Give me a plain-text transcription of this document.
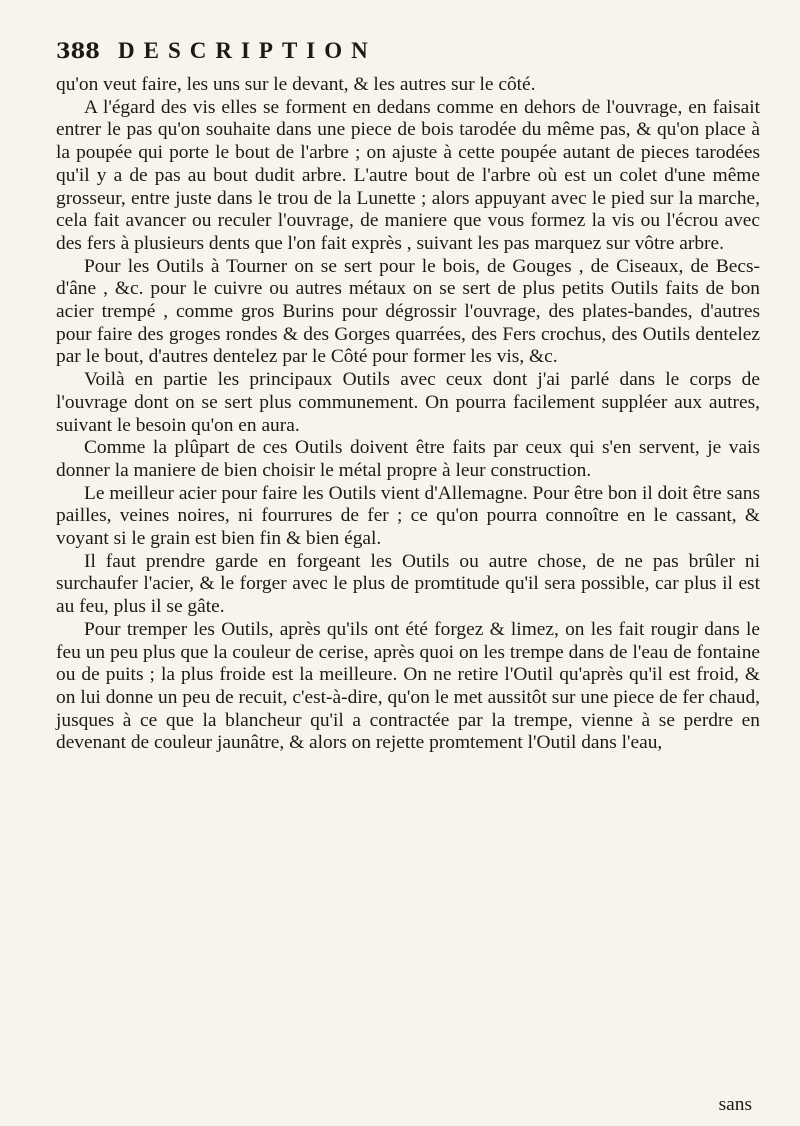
388 DESCRIPTION

qu'on veut faire, les uns sur le devant, & les autres sur le côté.

A l'égard des vis elles se forment en dedans comme en dehors de l'ouvrage, en faisait entrer le pas qu'on souhaite dans une piece de bois tarodée du même pas, & qu'on place à la poupée qui porte le bout de l'arbre ; on ajuste à cette poupée autant de pieces tarodées qu'il y a de pas au bout dudit arbre. L'autre bout de l'arbre où est un colet d'une même grosseur, entre juste dans le trou de la Lunette ; alors appuyant avec le pied sur la marche, cela fait avancer ou reculer l'ouvrage, de maniere que vous formez la vis ou l'écrou avec des fers à plusieurs dents que l'on fait exprès , suivant les pas marquez sur vôtre arbre.

Pour les Outils à Tourner on se sert pour le bois, de Gouges , de Ciseaux, de Becs-d'âne , &c. pour le cuivre ou autres métaux on se sert de plus petits Outils faits de bon acier trempé , comme gros Burins pour dégrossir l'ouvrage, des plates-bandes, d'autres pour faire des groges rondes & des Gorges quarrées, des Fers crochus, des Outils dentelez par le bout, d'autres dentelez par le Côté pour former les vis, &c.

Voilà en partie les principaux Outils avec ceux dont j'ai parlé dans le corps de l'ouvrage dont on se sert plus communement. On pourra facilement suppléer aux autres, suivant le besoin qu'on en aura.

Comme la plûpart de ces Outils doivent être faits par ceux qui s'en servent, je vais donner la maniere de bien choisir le métal propre à leur construction.

Le meilleur acier pour faire les Outils vient d'Allemagne. Pour être bon il doit être sans pailles, veines noires, ni fourrures de fer ; ce qu'on pourra connoître en le cassant, & voyant si le grain est bien fin & bien égal.

Il faut prendre garde en forgeant les Outils ou autre chose, de ne pas brûler ni surchaufer l'acier, & le forger avec le plus de promtitude qu'il sera possible, car plus il est au feu, plus il se gâte.

Pour tremper les Outils, après qu'ils ont été forgez & limez, on les fait rougir dans le feu un peu plus que la couleur de cerise, après quoi on les trempe dans de l'eau de fontaine ou de puits ; la plus froide est la meilleure. On ne retire l'Outil qu'après qu'il est froid, & on lui donne un peu de recuit, c'est-à-dire, qu'on le met aussitôt sur une piece de fer chaud, jusques à ce que la blancheur qu'il a contractée par la trempe, vienne à se perdre en devenant de couleur jaunâtre, & alors on rejette promtement l'Outil dans l'eau,

sans
